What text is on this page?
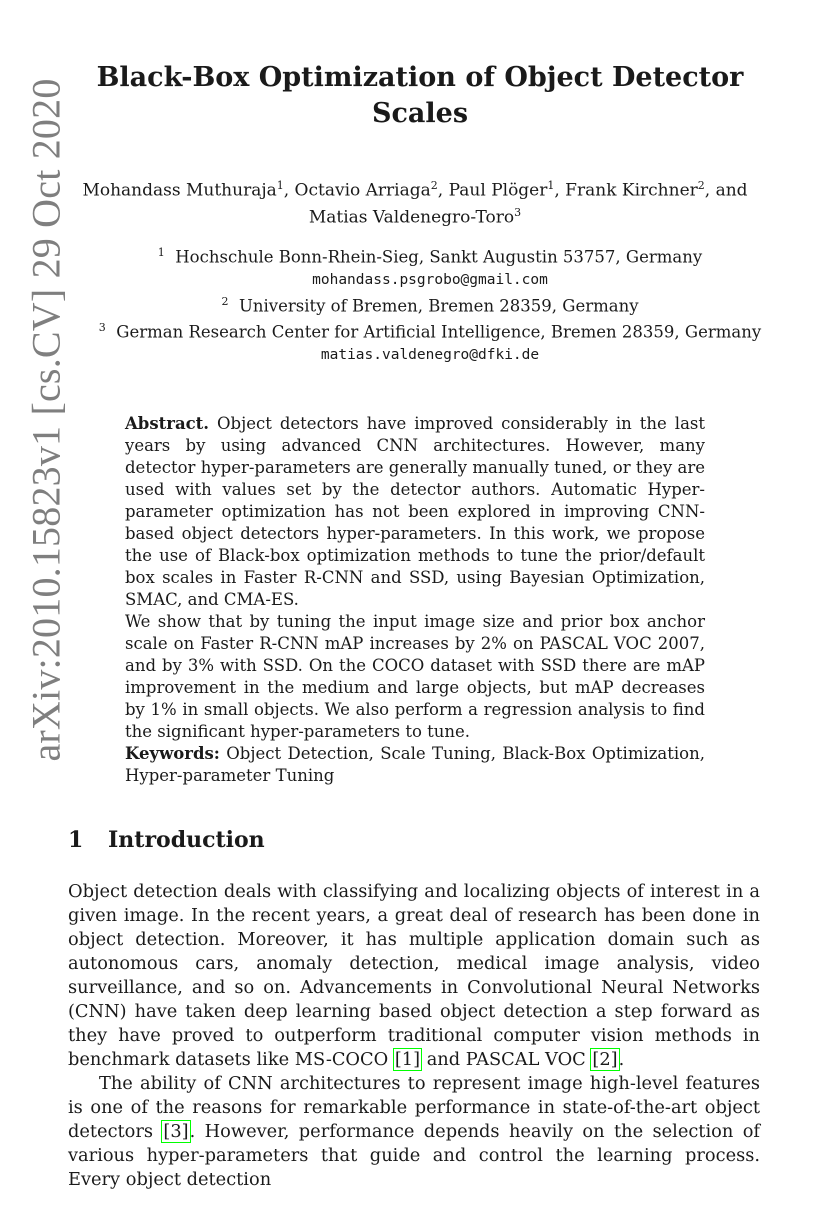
arXiv:2010.15823v1 [cs.CV] 29 Oct 2020
Black-Box Optimization of Object Detector
Scales
Mohandass Muthuraja$^1$, Octavio Arriaga$^2$, Paul Plöger$^1$, Frank Kirchner$^2$, and
Matias Valdenegro-Toro$^3$
$^1$ Hochschule Bonn-Rhein-Sieg, Sankt Augustin 53757, Germany
mohandass.psgrobo@gmail.com
$^2$ University of Bremen, Bremen 28359, Germany
$^3$ German Research Center for Artificial Intelligence, Bremen 28359, Germany
matias.valdenegro@dfki.de

Abstract. Object detectors have improved considerably in the last years by using advanced CNN architectures. However, many detector hyper-parameters are generally manually tuned, or they are used with values set by the detector authors. Automatic Hyper-parameter optimization has not been explored in improving CNN-based object detectors hyper-parameters. In this work, we propose the use of Black-box optimization methods to tune the prior/default box scales in Faster R-CNN and SSD, using Bayesian Optimization, SMAC, and CMA-ES.

We show that by tuning the input image size and prior box anchor scale on Faster R-CNN mAP increases by 2% on PASCAL VOC 2007, and by 3% with SSD. On the COCO dataset with SSD there are mAP improvement in the medium and large objects, but mAP decreases by 1% in small objects. We also perform a regression analysis to find the significant hyper-parameters to tune.

Keywords: Object Detection, Scale Tuning, Black-Box Optimization, Hyper-parameter Tuning
1 Introduction

Object detection deals with classifying and localizing objects of interest in a given image. In the recent years, a great deal of research has been done in object detection. Moreover, it has multiple application domain such as autonomous cars, anomaly detection, medical image analysis, video surveillance, and so on. Advancements in Convolutional Neural Networks (CNN) have taken deep learning based object detection a step forward as they have proved to outperform traditional computer vision methods in benchmark datasets like MS-COCO [1] and PASCAL VOC [2].

The ability of CNN architectures to represent image high-level features is one of the reasons for remarkable performance in state-of-the-art object detectors [3]. However, performance depends heavily on the selection of various hyper-parameters that guide and control the learning process. Every object detection
